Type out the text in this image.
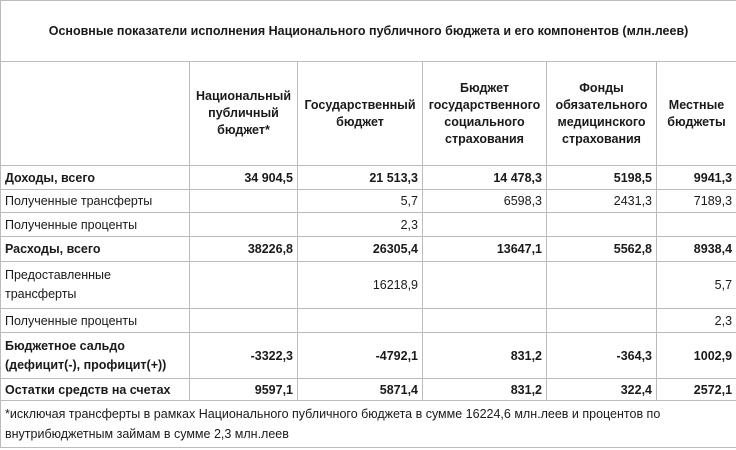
Основные показатели исполнения Национального публичного бюджета и его компонентов (млн.леев)					
	Национальный публичный бюджет*	Государственный бюджет	Бюджет государственного социального страхования	Фонды обязательного медицинского страхования	Местные бюджеты
Доходы, всего	34 904,5	21 513,3	14 478,3	5198,5	9941,3
Полученные трансферты		5,7	6598,3	2431,3	7189,3
Полученные проценты		2,3			
Расходы, всего	38226,8	26305,4	13647,1	5562,8	8938,4

Предоставленные трансферты		16218,9			5,7
Полученные проценты					2,3

Бюджетное сальдо (дефицит(-), профицит(+))	-3322,3	-4792,1	831,2	-364,3	1002,9
Остатки средств на счетах	9597,1	5871,4	831,2	322,4	2572,1
*исключая трансферты в рамках Национального публичного бюджета в сумме 16224,6 млн.леев и процентов по внутрибюджетным займам в сумме 2,3 млн.леев					
